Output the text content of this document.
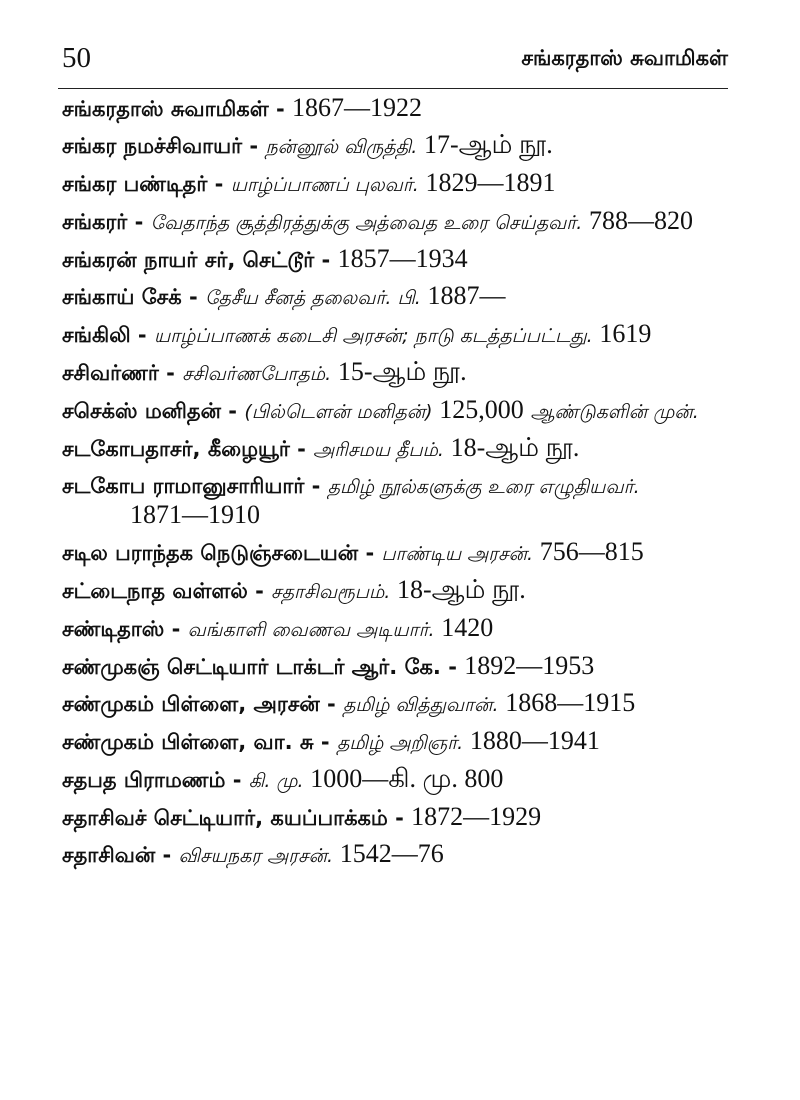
50	சங்கரதாஸ் சுவாமிகள்
சங்கரதாஸ் சுவாமிகள் - 1867—1922
சங்கர நமச்சிவாயர் - நன்னூல் விருத்தி. 17-ஆம் நூ.
சங்கர பண்டிதர் - யாழ்ப்பாணப் புலவர். 1829—1891
சங்கரர் - வேதாந்த சூத்திரத்துக்கு அத்வைத உரை செய்தவர். 788—820
சங்கரன் நாயர் சர், செட்டூர் - 1857—1934
சங்காய் சேக் - தேசீய சீனத் தலைவர். பி. 1887—
சங்கிலி - யாழ்ப்பாணக் கடைசி அரசன்; நாடு கடத்தப்பட்டது. 1619
சசிவர்ணர் - சசிவர்ணபோதம். 15-ஆம் நூ.
சசெக்ஸ் மனிதன் - (பில்டௌன் மனிதன்) 125,000 ஆண்டுகளின் முன்.
சடகோபதாசர், கீழையூர் - அரிசமய தீபம். 18-ஆம் நூ.
சடகோப ராமானுசாரியார் - தமிழ் நூல்களுக்கு உரை எழுதியவர். 1871—1910
சடில பராந்தக நெடுஞ்சடையன் - பாண்டிய அரசன். 756—815
சட்டைநாத வள்ளல் - சதாசிவரூபம். 18-ஆம் நூ.
சண்டிதாஸ் - வங்காளி வைணவ அடியார். 1420
சண்முகஞ் செட்டியார் டாக்டர் ஆர். கே. - 1892—1953
சண்முகம் பிள்ளை, அரசன் - தமிழ் வித்துவான். 1868—1915
சண்முகம் பிள்ளை, வா. சு - தமிழ் அறிஞர். 1880—1941
சதபத பிராமணம் - கி. மு. 1000—கி. மு. 800
சதாசிவச் செட்டியார், கயப்பாக்கம் - 1872—1929
சதாசிவன் - விசயநகர அரசன். 1542—76
